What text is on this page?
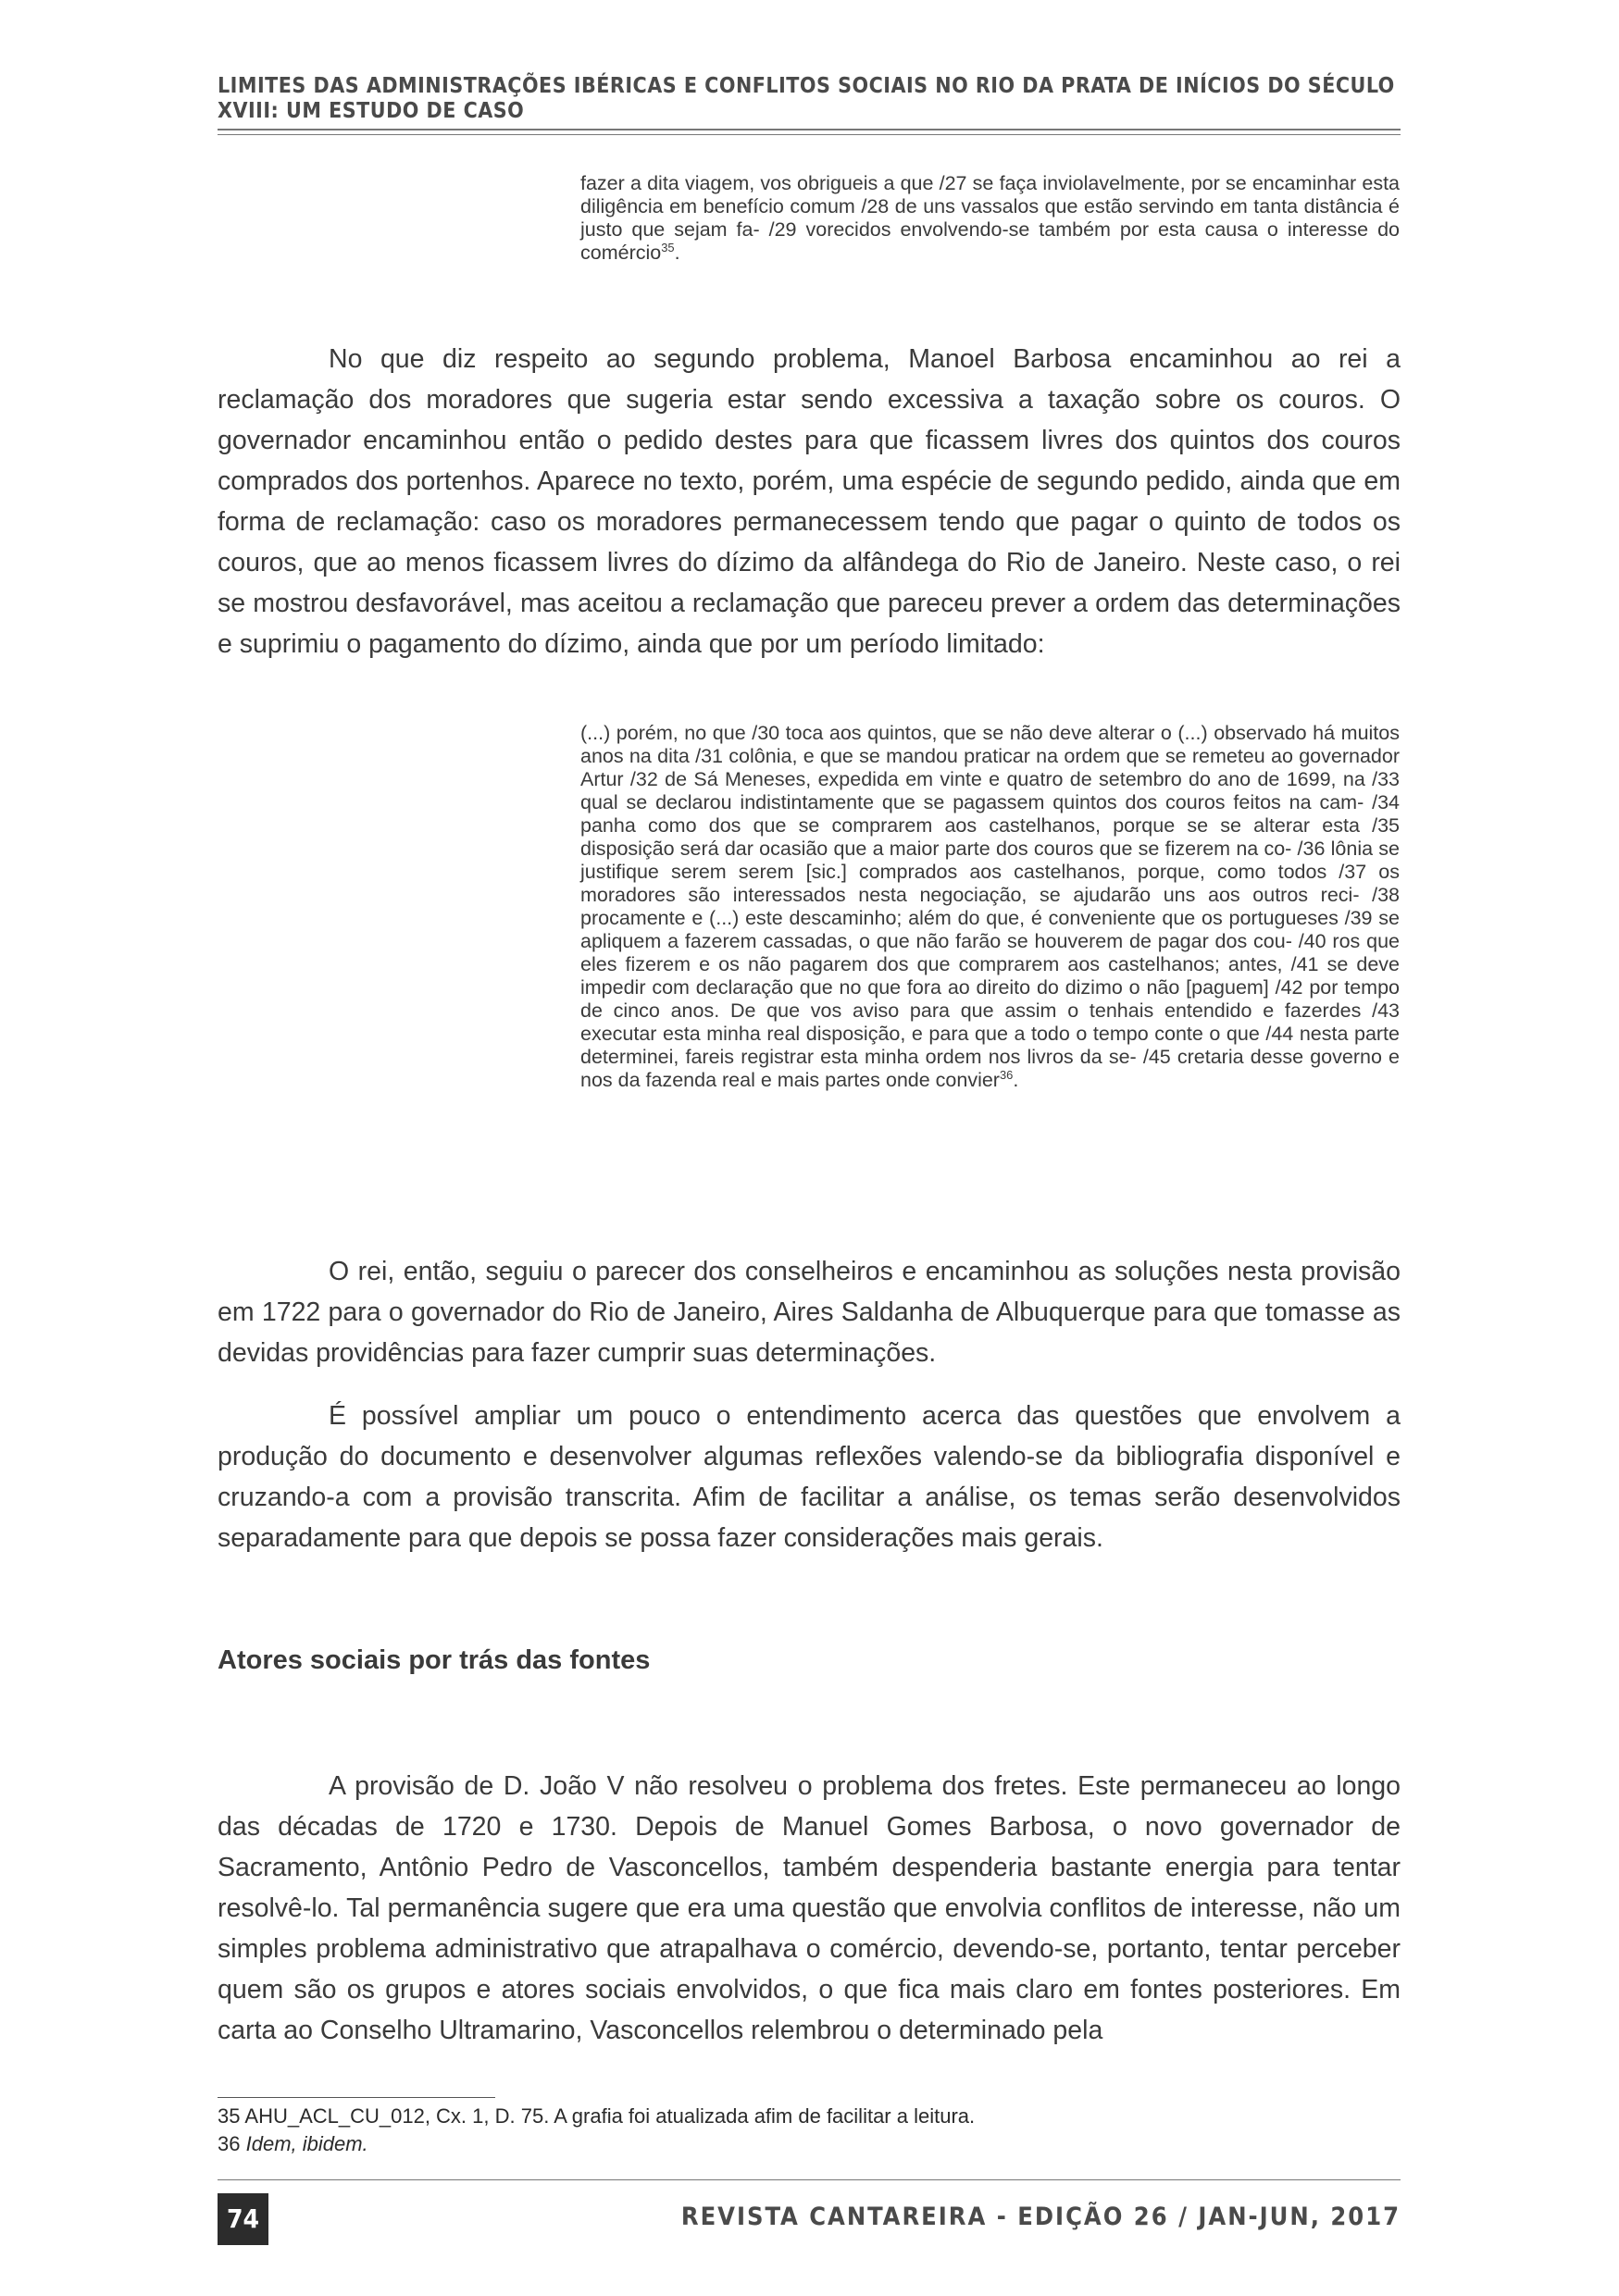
LIMITES DAS ADMINISTRAÇÕES IBÉRICAS E CONFLITOS SOCIAIS NO RIO DA PRATA DE INÍCIOS DO SÉCULO XVIII: UM ESTUDO DE CASO
fazer a dita viagem, vos obrigueis a que /27 se faça inviolavelmente, por se encaminhar esta diligência em benefício comum /28 de uns vassalos que estão servindo em tanta distância é justo que sejam fa- /29 vorecidos envolvendo-se também por esta causa o interesse do comércio$^{35}$.

No que diz respeito ao segundo problema, Manoel Barbosa encaminhou ao rei a reclamação dos moradores que sugeria estar sendo excessiva a taxação sobre os couros. O governador encaminhou então o pedido destes para que ficassem livres dos quintos dos couros comprados dos portenhos. Aparece no texto, porém, uma espécie de segundo pedido, ainda que em forma de reclamação: caso os moradores permanecessem tendo que pagar o quinto de todos os couros, que ao menos ficassem livres do dízimo da alfândega do Rio de Janeiro. Neste caso, o rei se mostrou desfavorável, mas aceitou a reclamação que pareceu prever a ordem das determinações e suprimiu o pagamento do dízimo, ainda que por um período limitado:

(...) porém, no que /30 toca aos quintos, que se não deve alterar o (...) observado há muitos anos na dita /31 colônia, e que se mandou praticar na ordem que se remeteu ao governador Artur /32 de Sá Meneses, expedida em vinte e quatro de setembro do ano de 1699, na /33 qual se declarou indistintamente que se pagassem quintos dos couros feitos na cam- /34 panha como dos que se comprarem aos castelhanos, porque se se alterar esta /35 disposição será dar ocasião que a maior parte dos couros que se fizerem na co- /36 lônia se justifique serem serem [sic.] comprados aos castelhanos, porque, como todos /37 os moradores são interessados nesta negociação, se ajudarão uns aos outros reci- /38 procamente e (...) este descaminho; além do que, é conveniente que os portugueses /39 se apliquem a fazerem cassadas, o que não farão se houverem de pagar dos cou- /40 ros que eles fizerem e os não pagarem dos que comprarem aos castelhanos; antes, /41 se deve impedir com declaração que no que fora ao direito do dizimo o não [paguem] /42 por tempo de cinco anos. De que vos aviso para que assim o tenhais entendido e fazerdes /43 executar esta minha real disposição, e para que a todo o tempo conte o que /44 nesta parte determinei, fareis registrar esta minha ordem nos livros da se- /45 cretaria desse governo e nos da fazenda real e mais partes onde convier$^{36}$.

O rei, então, seguiu o parecer dos conselheiros e encaminhou as soluções nesta provisão em 1722 para o governador do Rio de Janeiro, Aires Saldanha de Albuquerque para que tomasse as devidas providências para fazer cumprir suas determinações.

É possível ampliar um pouco o entendimento acerca das questões que envolvem a produção do documento e desenvolver algumas reflexões valendo-se da bibliografia disponível e cruzando-a com a provisão transcrita. Afim de facilitar a análise, os temas serão desenvolvidos separadamente para que depois se possa fazer considerações mais gerais.

Atores sociais por trás das fontes

A provisão de D. João V não resolveu o problema dos fretes. Este permaneceu ao longo das décadas de 1720 e 1730. Depois de Manuel Gomes Barbosa, o novo governador de Sacramento, Antônio Pedro de Vasconcellos, também despenderia bastante energia para tentar resolvê-lo. Tal permanência sugere que era uma questão que envolvia conflitos de interesse, não um simples problema administrativo que atrapalhava o comércio, devendo-se, portanto, tentar perceber quem são os grupos e atores sociais envolvidos, o que fica mais claro em fontes posteriores. Em carta ao Conselho Ultramarino, Vasconcellos relembrou o determinado pela

35 AHU_ACL_CU_012, Cx. 1, D. 75. A grafia foi atualizada afim de facilitar a leitura.
36 Idem, ibidem.
74	REVISTA CANTAREIRA - EDIÇÃO 26 / JAN-JUN, 2017
